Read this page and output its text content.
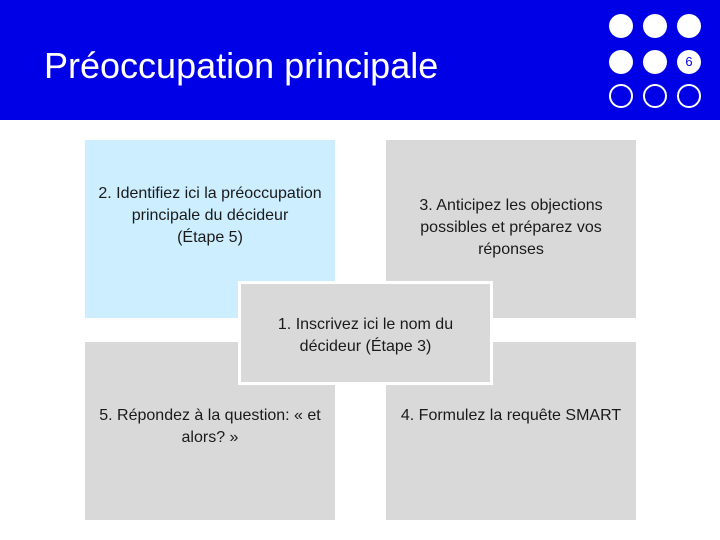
Préoccupation principale	6
2. Identifiez ici la préoccupation principale du décideur
(Étape 5)
3. Anticipez les objections possibles et préparez vos réponses
5. Répondez à la question: « et alors? »
4. Formulez la requête SMART
1. Inscrivez ici le nom du décideur (Étape 3)
